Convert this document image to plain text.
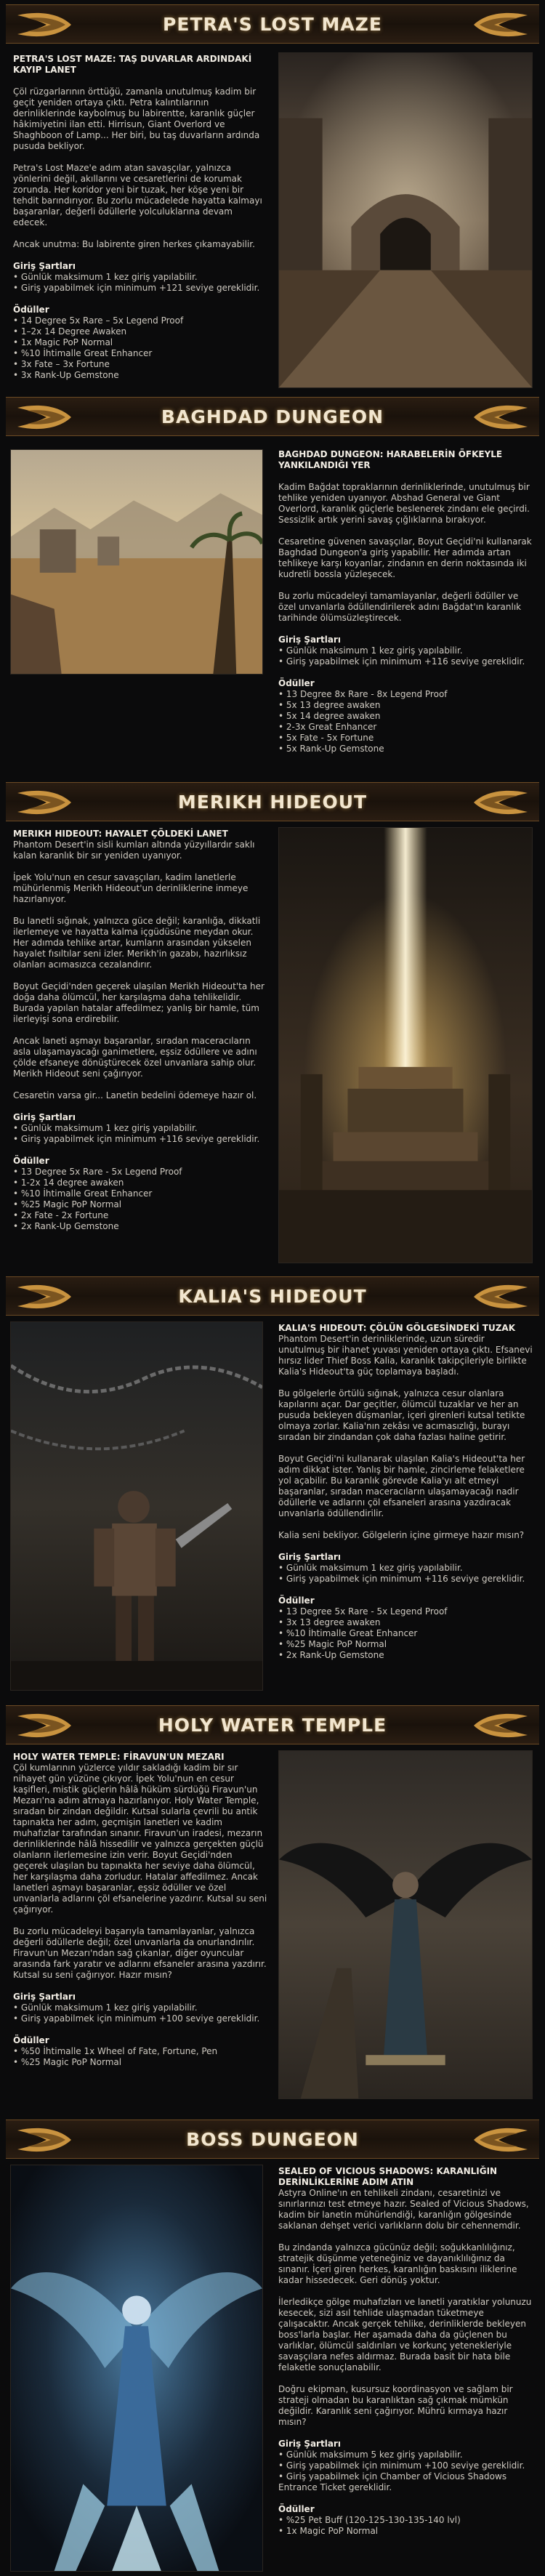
PETRA'S LOST MAZE

PETRA'S LOST MAZE: TAŞ DUVARLAR ARDINDAKİ KAYIP LANET

Çöl rüzgarlarının örttüğü, zamanla unutulmuş kadim bir geçit yeniden ortaya çıktı. Petra kalıntılarının derinliklerinde kaybolmuş bu labirentte, karanlık güçler hâkimiyetini ilan etti. Hirrisun, Giant Overlord ve Shaghboon of Lamp... Her biri, bu taş duvarların ardında pusuda bekliyor.

Petra's Lost Maze'e adım atan savaşçılar, yalnızca yönlerini değil, akıllarını ve cesaretlerini de korumak zorunda. Her koridor yeni bir tuzak, her köşe yeni bir tehdit barındırıyor. Bu zorlu mücadelede hayatta kalmayı başaranlar, değerli ödüllerle yolculuklarına devam edecek.

Ancak unutma: Bu labirente giren herkes çıkamayabilir.

Giriş Şartları

• Günlük maksimum 1 kez giriş yapılabilir.
• Giriş yapabilmek için minimum +121 seviye gereklidir.

Ödüller

• 14 Degree 5x Rare – 5x Legend Proof
• 1–2x 14 Degree Awaken
• 1x Magic PoP Normal
• %10 İhtimalle Great Enhancer
• 3x Fate – 3x Fortune
• 3x Rank-Up Gemstone
BAGHDAD DUNGEON

BAGHDAD DUNGEON: HARABELERİN ÖFKEYLE YANKILANDIĞI YER

Kadim Bağdat topraklarının derinliklerinde, unutulmuş bir tehlike yeniden uyanıyor. Abshad General ve Giant Overlord, karanlık güçlerle beslenerek zindanı ele geçirdi. Sessizlik artık yerini savaş çığlıklarına bırakıyor.

Cesaretine güvenen savaşçılar, Boyut Geçidi'ni kullanarak Baghdad Dungeon'a giriş yapabilir. Her adımda artan tehlikeye karşı koyanlar, zindanın en derin noktasında iki kudretli bossla yüzleşecek.

Bu zorlu mücadeleyi tamamlayanlar, değerli ödüller ve özel unvanlarla ödüllendirilerek adını Bağdat'ın karanlık tarihinde ölümsüzleştirecek.

Giriş Şartları

• Günlük maksimum 1 kez giriş yapılabilir.
• Giriş yapabilmek için minimum +116 seviye gereklidir.

Ödüller

• 13 Degree 8x Rare - 8x Legend Proof
• 5x 13 degree awaken
• 5x 14 degree awaken
• 2-3x Great Enhancer
• 5x Fate - 5x Fortune
• 5x Rank-Up Gemstone
MERIKH HIDEOUT

MERIKH HIDEOUT: HAYALET ÇÖLDEKİ LANET

Phantom Desert'in sisli kumları altında yüzyıllardır saklı kalan karanlık bir sır yeniden uyanıyor.

İpek Yolu'nun en cesur savaşçıları, kadim lanetlerle mühürlenmiş Merikh Hideout'un derinliklerine inmeye hazırlanıyor.

Bu lanetli sığınak, yalnızca güce değil; karanlığa, dikkatli ilerlemeye ve hayatta kalma içgüdüsüne meydan okur. Her adımda tehlike artar, kumların arasından yükselen hayalet fısıltılar seni izler. Merikh'in gazabı, hazırlıksız olanları acımasızca cezalandırır.

Boyut Geçidi'nden geçerek ulaşılan Merikh Hideout'ta her doğa daha ölümcül, her karşılaşma daha tehlikelidir. Burada yapılan hatalar affedilmez; yanlış bir hamle, tüm ilerleyişi sona erdirebilir.

Ancak laneti aşmayı başaranlar, sıradan maceracıların asla ulaşamayacağı ganimetlere, eşsiz ödüllere ve adını çölde efsaneye dönüştürecek özel unvanlara sahip olur. Merikh Hideout seni çağırıyor.

Cesaretin varsa gir... Lanetin bedelini ödemeye hazır ol.

Giriş Şartları

• Günlük maksimum 1 kez giriş yapılabilir.
• Giriş yapabilmek için minimum +116 seviye gereklidir.

Ödüller

• 13 Degree 5x Rare - 5x Legend Proof
• 1-2x 14 degree awaken
• %10 İhtimalle Great Enhancer
• %25 Magic PoP Normal
• 2x Fate - 2x Fortune
• 2x Rank-Up Gemstone
KALIA'S HIDEOUT

KALIA'S HIDEOUT: ÇÖLÜN GÖLGESİNDEKİ TUZAK

Phantom Desert'in derinliklerinde, uzun süredir unutulmuş bir ihanet yuvası yeniden ortaya çıktı. Efsanevi hırsız lider Thief Boss Kalia, karanlık takipçileriyle birlikte Kalia's Hideout'ta güç toplamaya başladı.

Bu gölgelerle örtülü sığınak, yalnızca cesur olanlara kapılarını açar. Dar geçitler, ölümcül tuzaklar ve her an pusuda bekleyen düşmanlar, içeri girenleri kutsal tetikte olmaya zorlar. Kalia'nın zekâsı ve acımasızlığı, burayı sıradan bir zindandan çok daha fazlası haline getirir.

Boyut Geçidi'ni kullanarak ulaşılan Kalia's Hideout'ta her adım dikkat ister. Yanlış bir hamle, zincirleme felaketlere yol açabilir. Bu karanlık görevde Kalia'yı alt etmeyi başaranlar, sıradan maceracıların ulaşamayacağı nadir ödüllerle ve adlarını çöl efsaneleri arasına yazdıracak unvanlarla ödüllendirilir.

Kalia seni bekliyor. Gölgelerin içine girmeye hazır mısın?

Giriş Şartları

• Günlük maksimum 1 kez giriş yapılabilir.
• Giriş yapabilmek için minimum +116 seviye gereklidir.

Ödüller

• 13 Degree 5x Rare - 5x Legend Proof
• 3x 13 degree awaken
• %10 İhtimalle Great Enhancer
• %25 Magic PoP Normal
• 2x Rank-Up Gemstone
HOLY WATER TEMPLE

HOLY WATER TEMPLE: FİRAVUN'UN MEZARI

Çöl kumlarının yüzlerce yıldır sakladığı kadim bir sır nihayet gün yüzüne çıkıyor. İpek Yolu'nun en cesur kaşifleri, mistik güçlerin hâlâ hüküm sürdüğü Firavun'un Mezarı'na adım atmaya hazırlanıyor. Holy Water Temple, sıradan bir zindan değildir. Kutsal sularla çevrili bu antik tapınakta her adım, geçmişin lanetleri ve kadim muhafızlar tarafından sınanır. Firavun'un iradesi, mezarın derinliklerinde hâlâ hissedilir ve yalnızca gerçekten güçlü olanların ilerlemesine izin verir. Boyut Geçidi'nden geçerek ulaşılan bu tapınakta her seviye daha ölümcül, her karşılaşma daha zorludur. Hatalar affedilmez. Ancak lanetleri aşmayı başaranlar, eşsiz ödüller ve özel unvanlarla adlarını çöl efsanelerine yazdırır. Kutsal su seni çağırıyor.

Bu zorlu mücadeleyi başarıyla tamamlayanlar, yalnızca değerli ödüllerle değil; özel unvanlarla da onurlandırılır. Firavun'un Mezarı'ndan sağ çıkanlar, diğer oyuncular arasında fark yaratır ve adlarını efsaneler arasına yazdırır. Kutsal su seni çağırıyor. Hazır mısın?

Giriş Şartları

• Günlük maksimum 1 kez giriş yapılabilir.
• Giriş yapabilmek için minimum +100 seviye gereklidir.

Ödüller

• %50 İhtimalle 1x Wheel of Fate, Fortune, Pen
• %25 Magic PoP Normal
BOSS DUNGEON

SEALED OF VICIOUS SHADOWS: KARANLIĞIN DERİNLİKLERİNE ADIM ATIN

Astyra Online'ın en tehlikeli zindanı, cesaretinizi ve sınırlarınızı test etmeye hazır. Sealed of Vicious Shadows, kadim bir lanetin mühürlendiği, karanlığın gölgesinde saklanan dehşet verici varlıkların dolu bir cehennemdir.

Bu zindanda yalnızca gücünüz değil; soğukkanlılığınız, stratejik düşünme yeteneğiniz ve dayanıklılığınız da sınanır. İçeri giren herkes, karanlığın baskısını iliklerine kadar hissedecek. Geri dönüş yoktur.

İlerledikçe gölge muhafızları ve lanetli yaratıklar yolunuzu kesecek, sizi asıl tehlide ulaşmadan tüketmeye çalışacaktır. Ancak gerçek tehlike, derinliklerde bekleyen boss'larla başlar. Her aşamada daha da güçlenen bu varlıklar, ölümcül saldırıları ve korkunç yetenekleriyle savaşçılara nefes aldırmaz. Burada basit bir hata bile felaketle sonuçlanabilir.

Doğru ekipman, kusursuz koordinasyon ve sağlam bir strateji olmadan bu karanlıktan sağ çıkmak mümkün değildir. Karanlık seni çağırıyor. Mührü kırmaya hazır mısın?

Giriş Şartları

• Günlük maksimum 5 kez giriş yapılabilir.
• Giriş yapabilmek için minimum +100 seviye gereklidir.
• Giriş yapabilmek için Chamber of Vicious Shadows Entrance Ticket gereklidir.

Ödüller

• %25 Pet Buff (120-125-130-135-140 lvl)
• 1x Magic PoP Normal
